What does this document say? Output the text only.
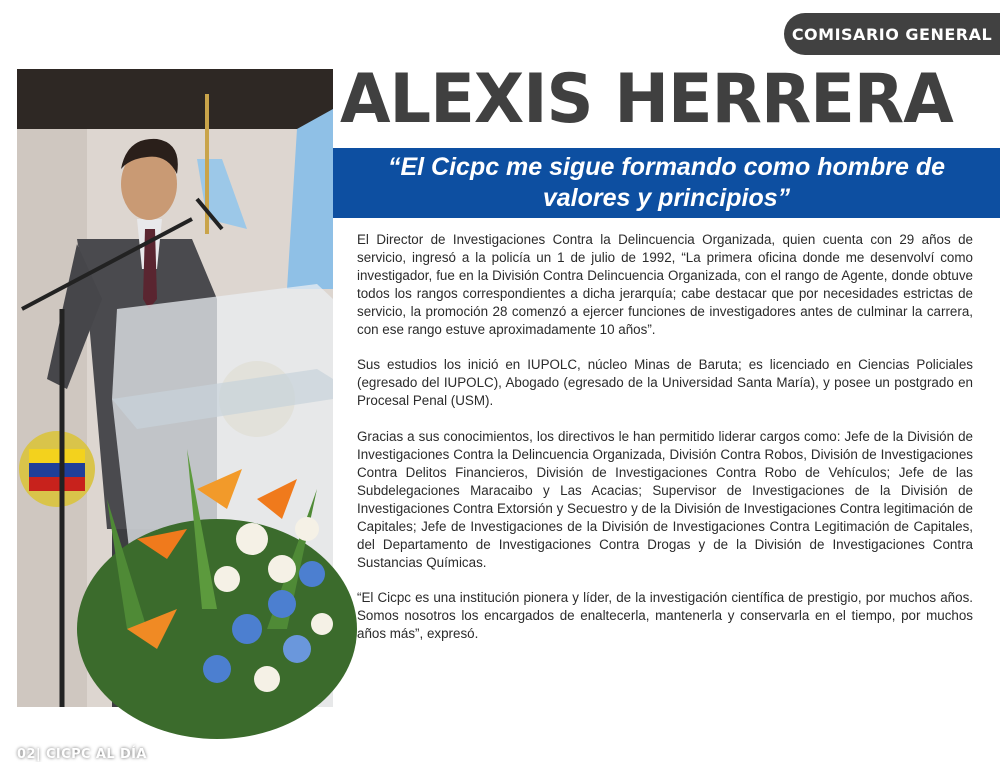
COMISARIO GENERAL
02| CICPC AL DÍA
ALEXIS HERRERA
“El Cicpc me sigue formando como hombre de valores y principios”

El Director de Investigaciones Contra la Delincuencia Organizada, quien cuenta con 29 años de servicio, ingresó a la policía un 1 de julio de 1992, “La primera oficina donde me desenvolví como investigador, fue en la División Contra Delincuencia Organizada, con el rango de Agente, donde obtuve todos los rangos correspondientes a dicha jerarquía; cabe destacar que por necesidades estrictas de servicio, la promoción 28 comenzó a ejercer funciones de investigadores antes de culminar la carrera, con ese rango estuve aproximadamente 10 años”.

Sus estudios los inició en IUPOLC, núcleo Minas de Baruta; es licenciado en Ciencias Policiales (egresado del IUPOLC), Abogado (egresado de la Universidad Santa María), y posee un postgrado en Procesal Penal (USM).

Gracias a sus conocimientos, los directivos le han permitido liderar cargos como: Jefe de la División de Investigaciones Contra la Delincuencia Organizada, División Contra Robos, División de Investigaciones Contra Delitos Financieros, División de Investigaciones Contra Robo de Vehículos; Jefe de las Subdelegaciones Maracaibo y Las Acacias; Supervisor de Investigaciones de la División de Investigaciones Contra Extorsión y Secuestro y de la División de Investigaciones Contra legitimación de Capitales; Jefe de Investigaciones de la División de Investigaciones Contra Legitimación de Capitales, del Departamento de Investigaciones Contra Drogas y de la División de Investigaciones Contra Sustancias Químicas.

“El Cicpc es una institución pionera y líder, de la investigación científica de prestigio, por muchos años. Somos nosotros los encargados de enaltecerla, mantenerla y conservarla en el tiempo, por muchos años más”, expresó.
